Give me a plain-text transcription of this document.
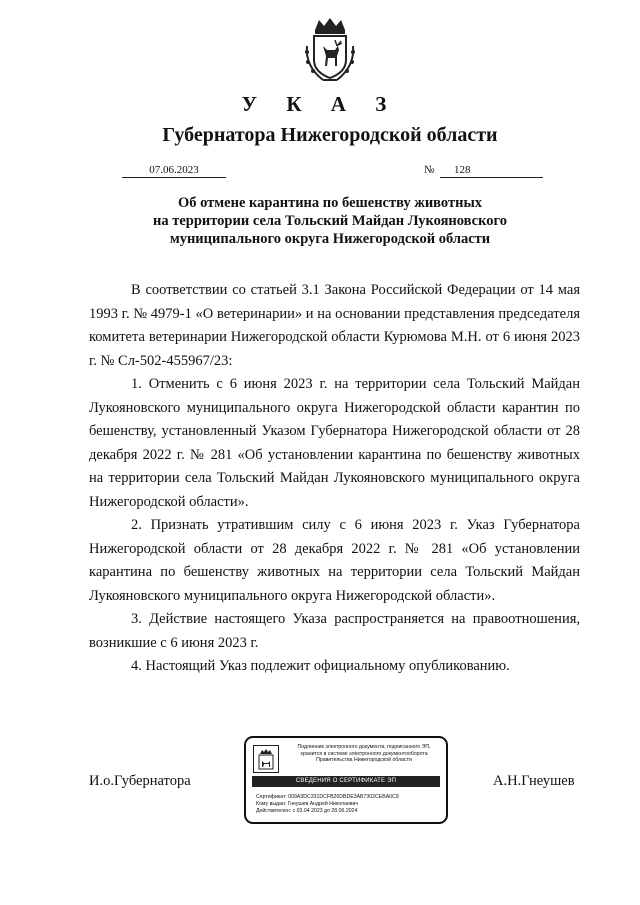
У К А З
Губернатора Нижегородской области
07.06.2023	№	128
Об отмене карантина по бешенству животных
на территории села Тольский Майдан Лукояновского
муниципального округа Нижегородской области

В соответствии со статьей 3.1 Закона Российской Федерации от 14 мая 1993 г. № 4979-1 «О ветеринарии» и на основании представления председателя комитета ветеринарии Нижегородской области Курюмова М.Н. от 6 июня 2023 г. № Сл-502-455967/23:

1. Отменить с 6 июня 2023 г. на территории села Тольский Майдан Лукояновского муниципального округа Нижегородской области карантин по бешенству, установленный Указом Губернатора Нижегородской области от 28 декабря 2022 г. № 281 «Об установлении карантина по бешенству животных на территории села Тольский Майдан Лукояновского муниципального округа Нижегородской области».

2. Признать утратившим силу с 6 июня 2023 г. Указ Губернатора Нижегородской области от 28 декабря 2022 г. № 281 «Об установлении карантина по бешенству животных на территории села Тольский Майдан Лукояновского муниципального округа Нижегородской области».

3. Действие настоящего Указа распространяется на правоотношения, возникшие с 6 июня 2023 г.

4. Настоящий Указ подлежит официальному опубликованию.

И.о.Губернатора	А.Н.Гнеушев
Подлинник электронного документа, подписанного ЭП,
хранится в системе электронного документооборота
Правительства Нижегородской области
СВЕДЕНИЯ О СЕРТИФИКАТЕ ЭП
Сертификат: 009A3DC331DCFB26DBDE3AB7302CEBA0C9
Кому выдан: Гнеушев Андрей Николаевич
Действителен: с 03.04.2023 до 28.06.2024
